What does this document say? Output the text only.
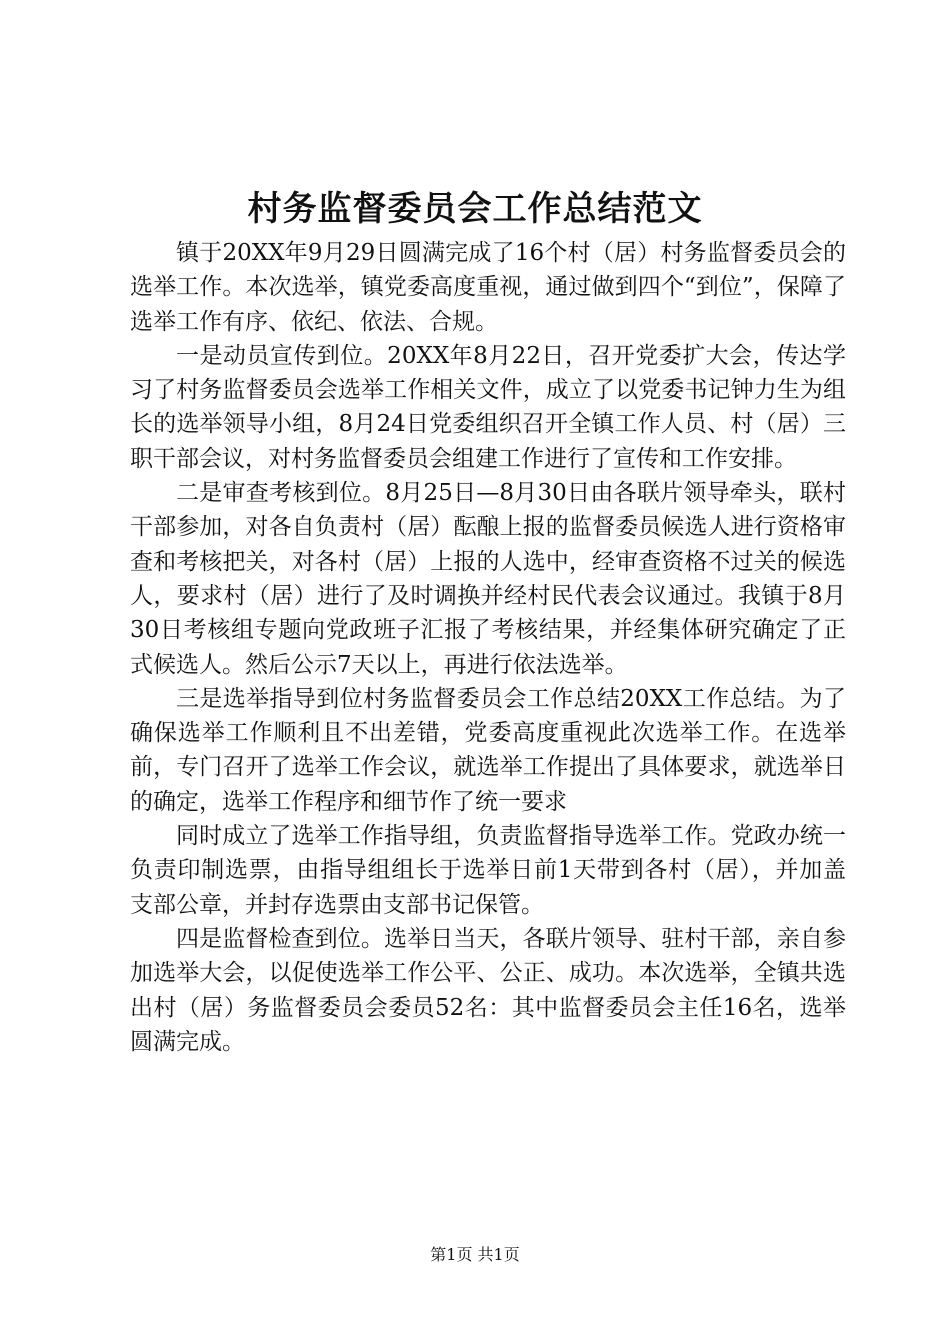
村务监督委员会工作总结范文

镇于20XX年9月29日圆满完成了16个村（居）村务监督委员会的选举工作。本次选举，镇党委高度重视，通过做到四个“到位”，保障了选举工作有序、依纪、依法、合规。

一是动员宣传到位。20XX年8月22日，召开党委扩大会，传达学习了村务监督委员会选举工作相关文件，成立了以党委书记钟力生为组长的选举领导小组，8月24日党委组织召开全镇工作人员、村（居）三职干部会议，对村务监督委员会组建工作进行了宣传和工作安排。

二是审查考核到位。8月25日—8月30日由各联片领导牵头，联村干部参加，对各自负责村（居）酝酿上报的监督委员候选人进行资格审查和考核把关，对各村（居）上报的人选中，经审查资格不过关的候选人，要求村（居）进行了及时调换并经村民代表会议通过。我镇于8月30日考核组专题向党政班子汇报了考核结果，并经集体研究确定了正式候选人。然后公示7天以上，再进行依法选举。

三是选举指导到位村务监督委员会工作总结20XX工作总结。为了确保选举工作顺利且不出差错，党委高度重视此次选举工作。在选举前，专门召开了选举工作会议，就选举工作提出了具体要求，就选举日的确定，选举工作程序和细节作了统一要求

同时成立了选举工作指导组，负责监督指导选举工作。党政办统一负责印制选票，由指导组组长于选举日前1天带到各村（居），并加盖支部公章，并封存选票由支部书记保管。

四是监督检查到位。选举日当天，各联片领导、驻村干部，亲自参加选举大会，以促使选举工作公平、公正、成功。本次选举，全镇共选出村（居）务监督委员会委员52名：其中监督委员会主任16名，选举圆满完成。

第1页 共1页
